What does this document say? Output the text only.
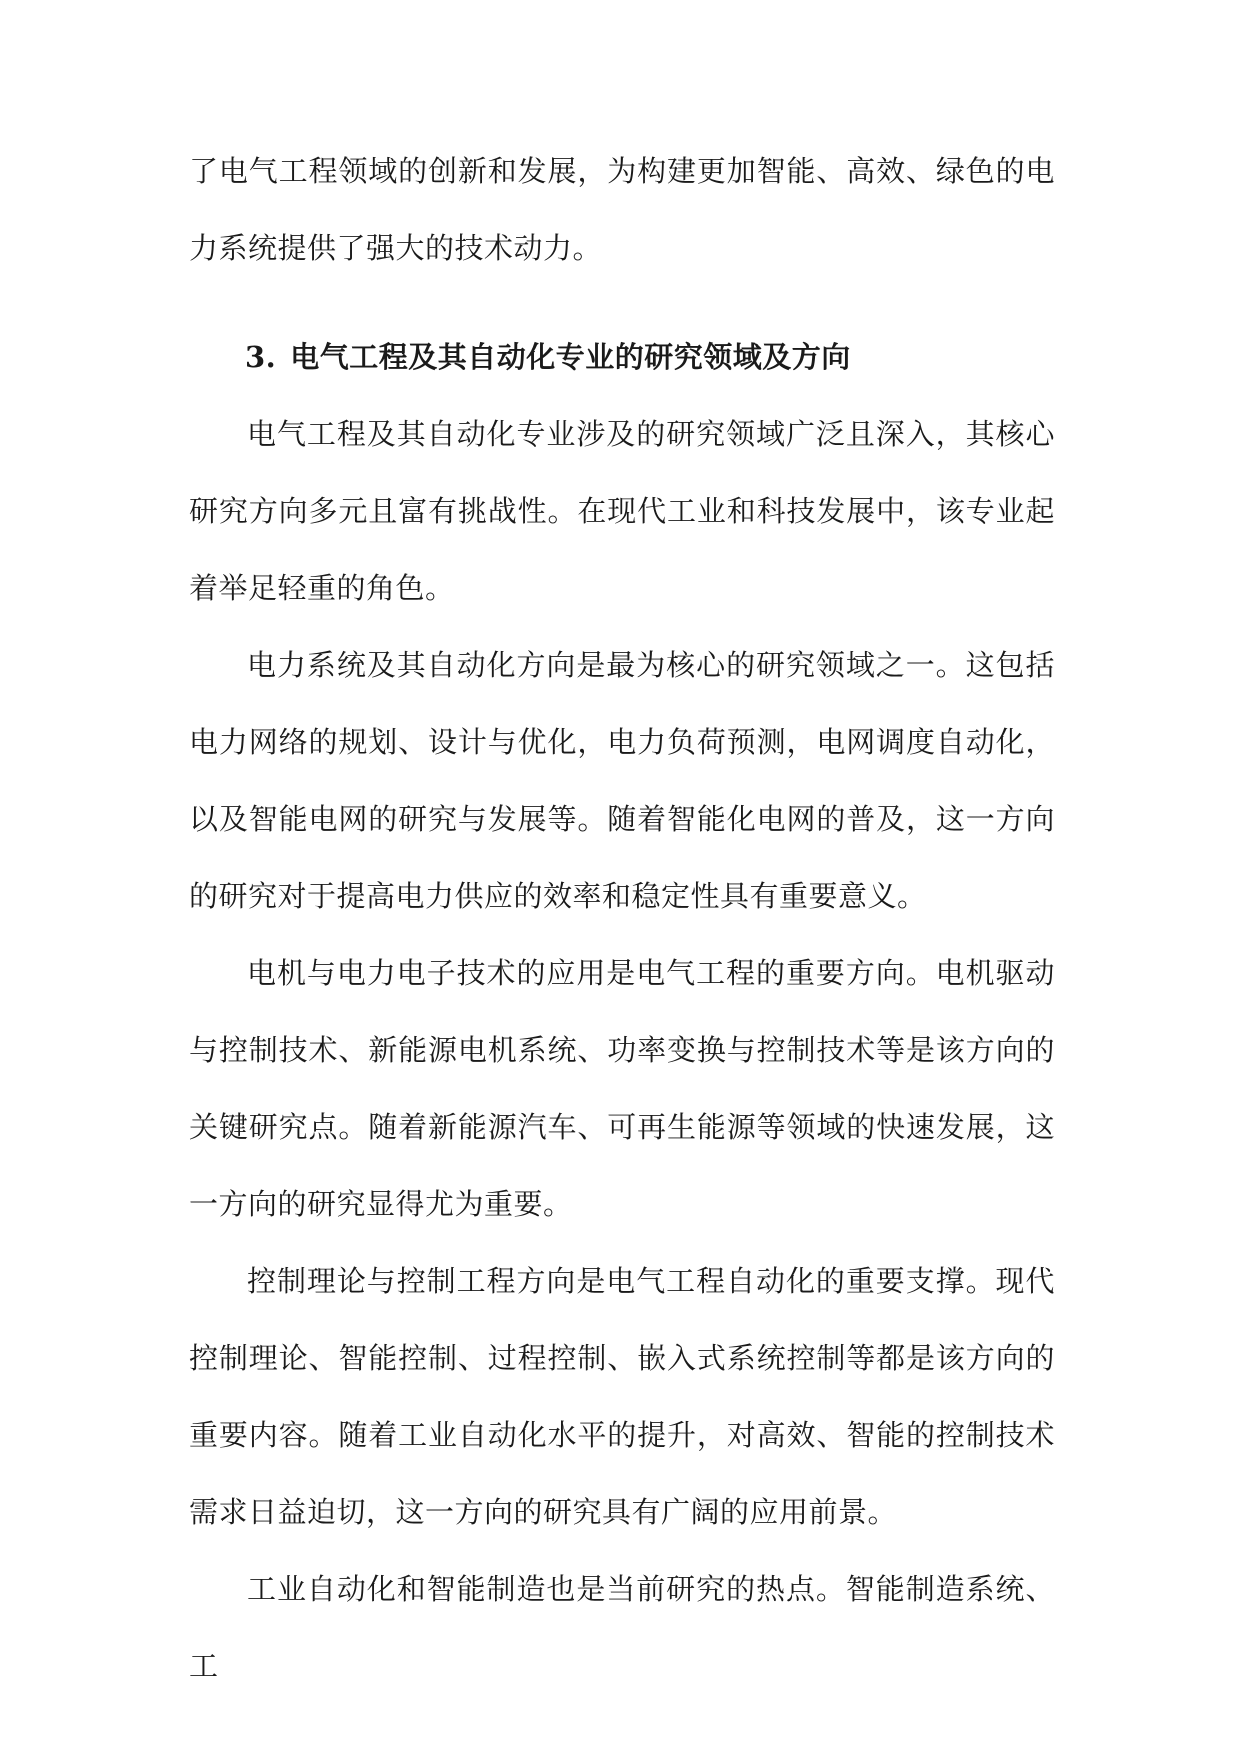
了电气工程领域的创新和发展，为构建更加智能、高效、绿色的电力系统提供了强大的技术动力。

3. 电气工程及其自动化专业的研究领域及方向

电气工程及其自动化专业涉及的研究领域广泛且深入，其核心研究方向多元且富有挑战性。在现代工业和科技发展中，该专业起着举足轻重的角色。

电力系统及其自动化方向是最为核心的研究领域之一。这包括电力网络的规划、设计与优化，电力负荷预测，电网调度自动化，以及智能电网的研究与发展等。随着智能化电网的普及，这一方向的研究对于提高电力供应的效率和稳定性具有重要意义。

电机与电力电子技术的应用是电气工程的重要方向。电机驱动与控制技术、新能源电机系统、功率变换与控制技术等是该方向的关键研究点。随着新能源汽车、可再生能源等领域的快速发展，这一方向的研究显得尤为重要。

控制理论与控制工程方向是电气工程自动化的重要支撑。现代控制理论、智能控制、过程控制、嵌入式系统控制等都是该方向的重要内容。随着工业自动化水平的提升，对高效、智能的控制技术需求日益迫切，这一方向的研究具有广阔的应用前景。

工业自动化和智能制造也是当前研究的热点。智能制造系统、工
